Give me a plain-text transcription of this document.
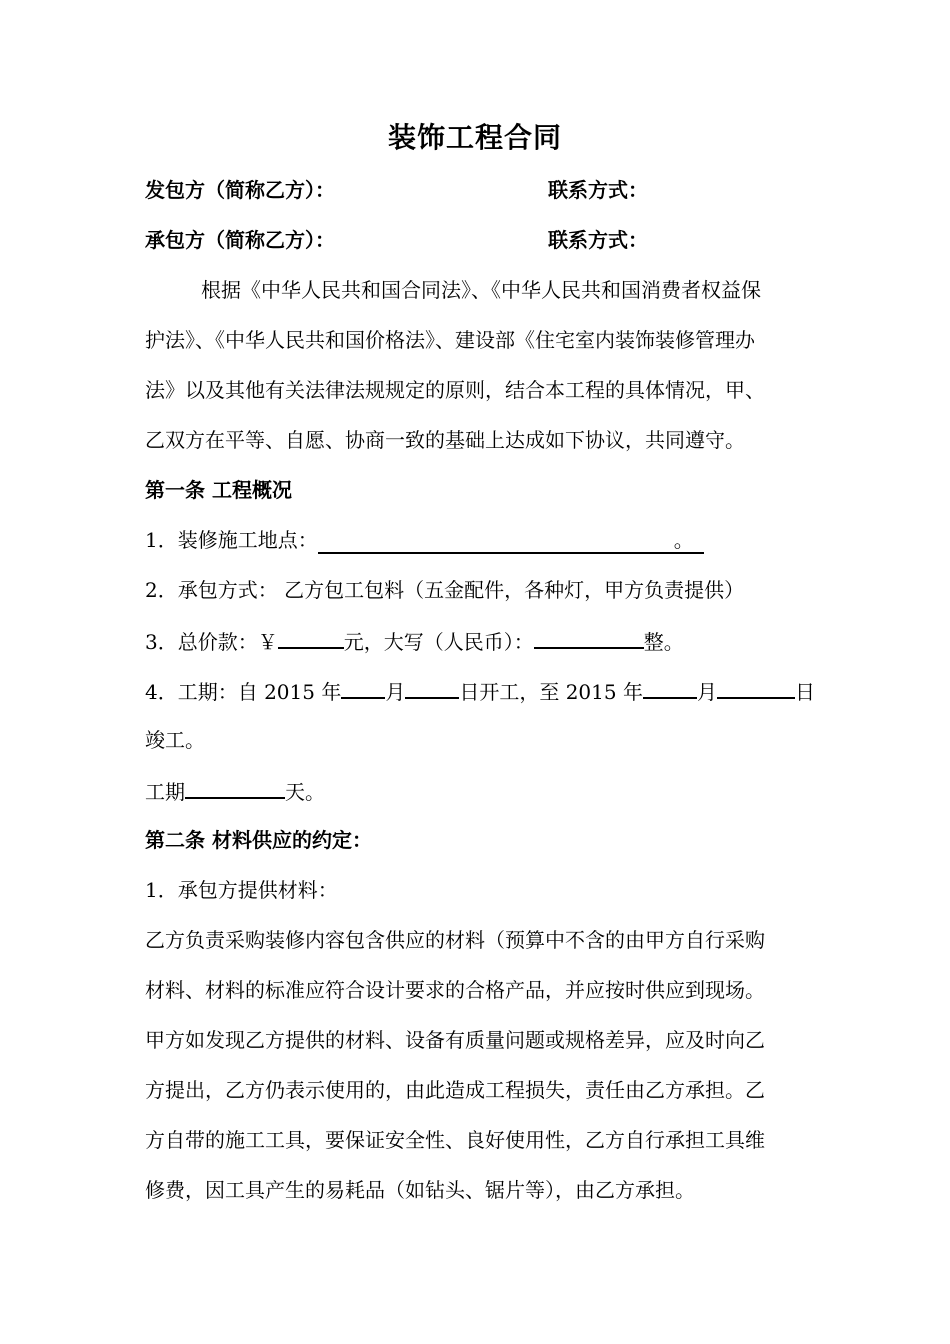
装饰工程合同
发包方（简称乙方）：	联系方式：
承包方（简称乙方）：	联系方式：
根据《中华人民共和国合同法》、《中华人民共和国消费者权益保
护法》、《中华人民共和国价格法》、建设部《住宅室内装饰装修管理办
法》以及其他有关法律法规规定的原则，结合本工程的具体情况，甲、
乙双方在平等、自愿、协商一致的基础上达成如下协议，共同遵守。
第一条 工程概况
1．装修施工地点：	。
2．承包方式： 乙方包工包料（五金配件，各种灯，甲方负责提供）
3．总价款：￥	元，大写（人民币）：	整。
4．工期：自 2015 年 月	日开工，至 2015 年	月	日
竣工。
工期	天。
第二条 材料供应的约定：
1．承包方提供材料：
乙方负责采购装修内容包含供应的材料（预算中不含的由甲方自行采购
材料、材料的标准应符合设计要求的合格产品，并应按时供应到现场。
甲方如发现乙方提供的材料、设备有质量问题或规格差异，应及时向乙
方提出，乙方仍表示使用的，由此造成工程损失，责任由乙方承担。乙
方自带的施工工具，要保证安全性、良好使用性，乙方自行承担工具维
修费，因工具产生的易耗品（如钻头、锯片等），由乙方承担。
